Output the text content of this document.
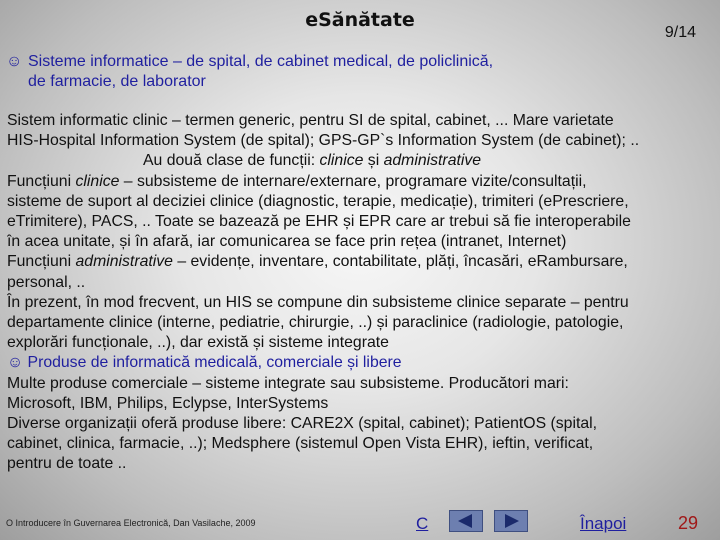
eSănătate
9/14
☺ Sisteme informatice – de spital, de cabinet medical, de policlinică,
de farmacie, de laborator
Sistem informatic clinic – termen generic, pentru SI de spital, cabinet, ... Mare varietate
HIS-Hospital Information System (de spital); GPS-GP`s Information System (de cabinet); ..
Au două clase de funcții: clinice și administrative
Funcțiuni clinice – subsisteme de internare/externare, programare vizite/consultații,
sisteme de suport al deciziei clinice (diagnostic, terapie, medicație), trimiteri (ePrescriere,
eTrimitere), PACS, .. Toate se bazează pe EHR și EPR care ar trebui să fie interoperabile
în acea unitate, și în afară, iar comunicarea se face prin rețea (intranet, Internet)
Funcțiuni administrative – evidențe, inventare, contabilitate, plăți, încasări, eRambursare,
personal, ..
În prezent, în mod frecvent, un HIS se compune din subsisteme clinice separate – pentru
departamente clinice (interne, pediatrie, chirurgie, ..) și paraclinice (radiologie, patologie,
explorări funcționale, ..), dar există și sisteme integrate
☺ Produse de informatică medicală, comerciale și libere
Multe produse comerciale – sisteme integrate sau subsisteme. Producători mari:
Microsoft, IBM, Philips, Eclypse, InterSystems
Diverse organizații oferă produse libere: CARE2X (spital, cabinet); PatientOS (spital,
cabinet, clinica, farmacie, ..); Medsphere (sistemul Open Vista EHR), ieftin, verificat,
pentru de toate ..
O Introducere în Guvernarea Electronică, Dan Vasilache, 2009	C	Înapoi	29
